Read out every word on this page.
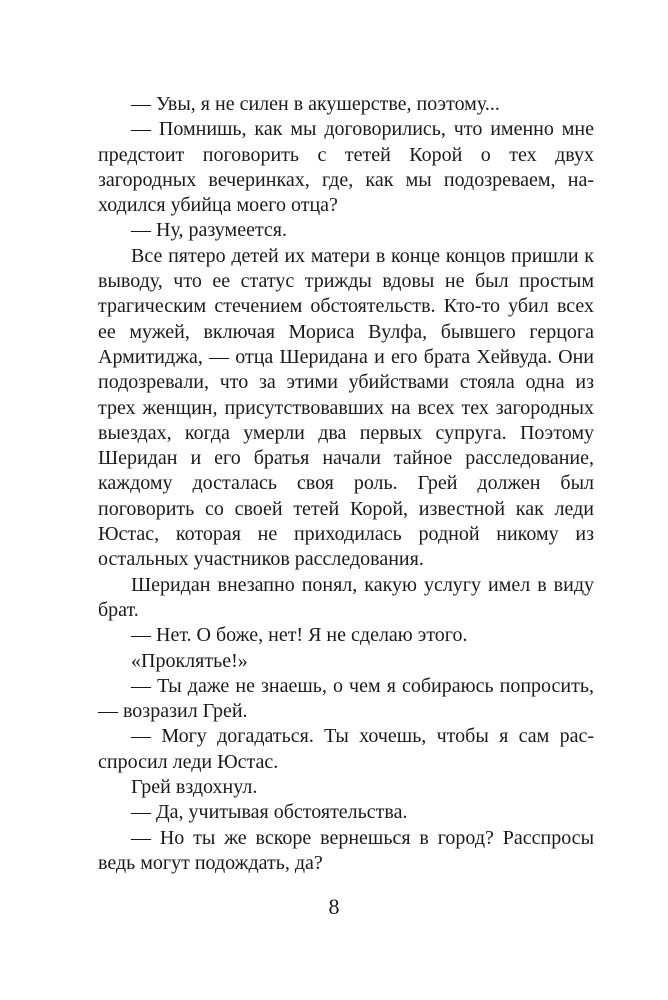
— Увы, я не силен в акушерстве, поэтому...

— Помнишь, как мы договорились, что именно мне предстоит поговорить с тетей Корой о тех двух загородных вечеринках, где, как мы подозреваем, находился убийца моего отца?

— Ну, разумеется.

Все пятеро детей их матери в конце концов пришли к выводу, что ее статус трижды вдовы не был простым трагическим стечением обстоятельств. Кто-то убил всех ее мужей, включая Мориса Вулфа, бывшего герцога Армитиджа, — отца Шеридана и его брата Хейвуда. Они подозревали, что за этими убийствами стояла одна из трех женщин, присутствовавших на всех тех загородных выездах, когда умерли два первых супруга. Поэтому Шеридан и его братья начали тайное расследование, каждому досталась своя роль. Грей должен был поговорить со своей тетей Корой, известной как леди Юстас, которая не приходилась родной никому из остальных участников расследования.

Шеридан внезапно понял, какую услугу имел в виду брат.

— Нет. О боже, нет! Я не сделаю этого.

«Проклятье!»

— Ты даже не знаешь, о чем я собираюсь попросить, — возразил Грей.

— Могу догадаться. Ты хочешь, чтобы я сам расспросил леди Юстас.

Грей вздохнул.

— Да, учитывая обстоятельства.

— Но ты же вскоре вернешься в город? Расспросы ведь могут подождать, да?

8
